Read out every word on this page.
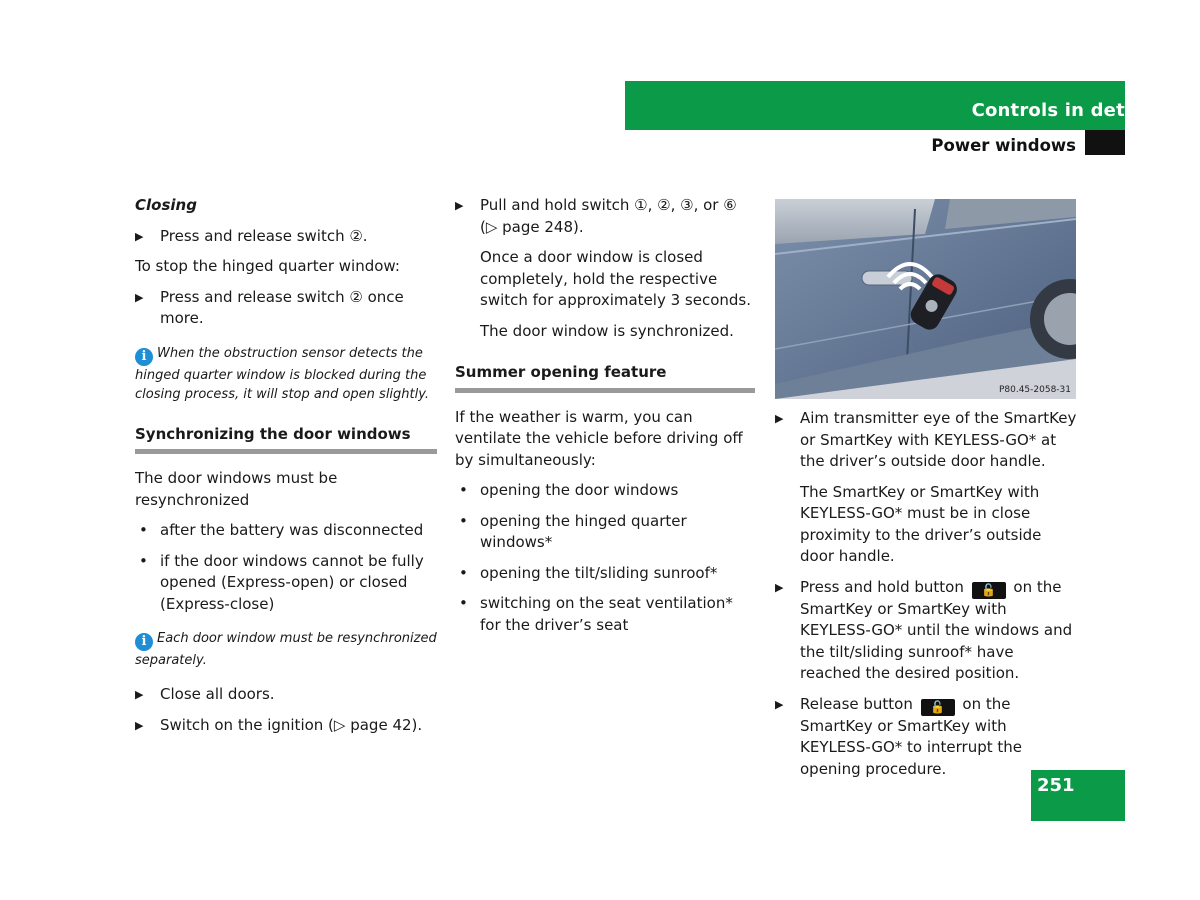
Controls in detail
Power windows
Closing
▶ Press and release switch ②.
To stop the hinged quarter window:
▶ Press and release switch ② once more.
i When the obstruction sensor detects the hinged quarter window is blocked during the closing process, it will stop and open slightly.
Synchronizing the door windows
The door windows must be resynchronized
• after the battery was disconnected
• if the door windows cannot be fully opened (Express-open) or closed (Express-close)
i Each door window must be resynchronized separately.
▶ Close all doors.
▶ Switch on the ignition (▷ page 42).
▶ Pull and hold switch ①, ②, ③, or ⑥ (▷ page 248).
Once a door window is closed completely, hold the respective switch for approximately 3 seconds.
The door window is synchronized.
Summer opening feature
If the weather is warm, you can ventilate the vehicle before driving off by simultaneously:
• opening the door windows
• opening the hinged quarter windows*
• opening the tilt/sliding sunroof*
• switching on the seat ventilation* for the driver’s seat
P80.45-2058-31
▶ Aim transmitter eye of the SmartKey or SmartKey with KEYLESS-GO* at the driver’s outside door handle.
The SmartKey or SmartKey with KEYLESS-GO* must be in close proximity to the driver’s outside door handle.
▶ Press and hold button 🔓 on the SmartKey or SmartKey with KEYLESS-GO* until the windows and the tilt/sliding sunroof* have reached the desired position.
▶ Release button 🔓 on the SmartKey or SmartKey with KEYLESS-GO* to interrupt the opening procedure.
251
